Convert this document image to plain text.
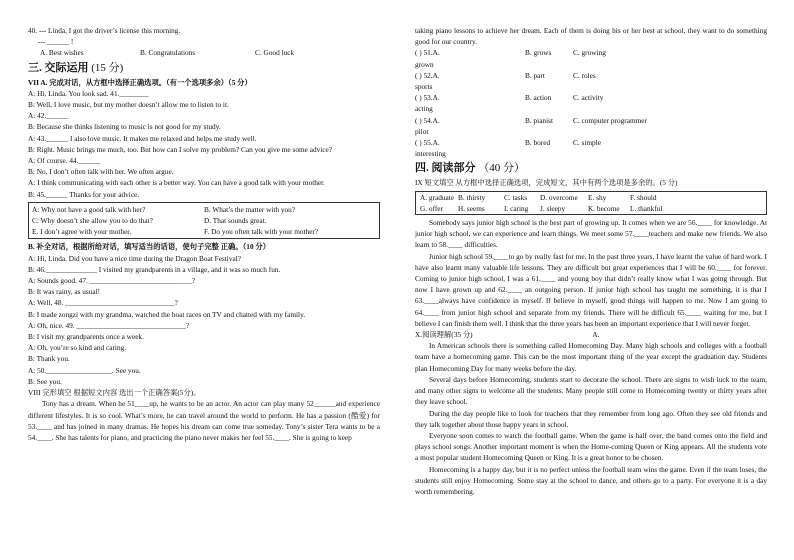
40. --- Linda, I got the driver’s license this morning.
--- ______ !
A. Best wishes	B. Congratulations	C. Good luck
三. 交际运用 (15 分)
VII A. 完成对话，从方框中选择正确选项。（有一个选项多余）（5 分）
A: Hi, Linda. You look sad. 41.________
B: Well, I love music, but my mother doesn’t allow me to listen to it.
A: 42.______
B: Because she thinks listening to music is not good for my study.
A: 43.______ I also love music. It makes me relaxed and helps me study well.
B: Right. Music brings me much, too. But how can I solve my problem? Can you give me some advice?
A: Of course. 44.______
B: No, I don’t often talk with her. We often argue.
A: I think communicating with each other is a better way. You can have a good talk with your mother.
B: 45.______ Thanks for your advice.
A: Why not have a good talk with her?	B. What’s the matter with you?
C: Why doesn’t she allow you to do that?	D. That sounds great.
E. I don’t agree with your mother.	F. Do you often talk with your mother?
B. 补全对话，根据所给对话，填写适当的话语，使句子完整 正确。（10 分）
A: Hi, Linda. Did you have a nice time during the Dragon Boat Festival?
B: 46.______________ I visited my grandparents in a village, and it was so much fun.
A: Sounds good. 47. ____________________________?
B: It was rainy, as usual!
A: Well, 48. ______________________________?
B: I made zongzi with my grandma, watched the boat races on TV and chatted with my family.
A: Oh, nice. 49. ______________________________?
B: I visit my grandparents once a week.
A: Oh, you’re so kind and caring.
B: Thank you.
A: 50.__________________. See you.
B: See you.
VIII 完形填空 根据短文内容 选出一个正确答案(5分)。
Tony has a dream. When he 51____up, he wants to be an actor. An actor can play many 52______and experience different lifestyles. It is so cool. What’s more, he can travel around the world to perform. He has a passion (酷爱) for 53.____ and has joined in many dramas. He hopes his dream can come true someday. Tony’s sister Tera wants to be a 54.____. She has talents for piano, and practicing the piano never makes her feel 55.____. She is going to keep
taking piano lessons to achieve her dream. Each of them is doing his or her best at school, they want to do something good for our country.
( ) 51.A. grown
B. grows	C. growing
( ) 52.A. sports
B. part	C. roles
( ) 53.A. acting
B. action	C. activity
( ) 54.A. pilot
B. pianist	C. computer programmer
( ) 55.A. interesting
B. bored	C. simple
四. 阅读部分 （40 分）
IX 短文填空 从方框中选择正确选项，完成短文，其中有两个选项是多余的。(5 分)
A. graduate B. thirsty	C. tasks	D. overcome	E. shy	F. should
G. offer	H. seems	I. caring	J. sleepy	K. become	L. thankful
Somebody says junior high school is the best part of growing up. It comes when we are 56.____ for knowledge. At junior high school, we can experience and learn things. We meet some 57.____teachers and make new friends. We also learn to 58.____ difficulties.
Junior high school 59.____to go by really fast for me. In the past three years, I have learnt the value of hard work. I have also learnt many valuable life lessons. They are difficult but great experiences that I will be 60.____ for forever. Coming to junior high school, I was a 61.____ and young boy that didn’t really know what I was going through. But now I have grown up and 62.____ an outgoing person. If junior high school has taught me something, it is that I 63.____always have confidence in myself. If believe in myself, good things will happen to me. Now I am going to 64.____ from junior high school and separate from my friends. There will be difficult 65.____ waiting for me, but I believe I can finish them well. I think that the three years has been an important experience that I will never forget.
X.阅读理解(35 分)	A.
In American schools there is something called Homecoming Day. Many high schools and colleges with a football team have a homecoming game. This can be the most important thing of the year except the graduation day. Students plan Homecoming Day for many weeks before the day.
Several days before Homecoming, students start to decorate the school. There are signs to wish luck to the team, and many other signs to welcome all the students. Many people still come to Homecoming twenty or thirty years after they leave school.
During the day people like to look for teachers that they remember from long ago. Often they see old friends and they talk together about those happy years in school.
Everyone soon comes to watch the football game. When the game is half over, the band comes onto the field and plays school songs. Another important moment is when the Home-coming Queen or King appears. All the students vote a most popular student Homecoming Queen or King. It is a great honor to be chosen.
Homecoming is a happy day, but it is no perfect unless the football team wins the game. Even if the team loses, the students still enjoy Homecoming. Some stay at the school to dance, and others go to a party. For everyone it is a day worth remembering.
